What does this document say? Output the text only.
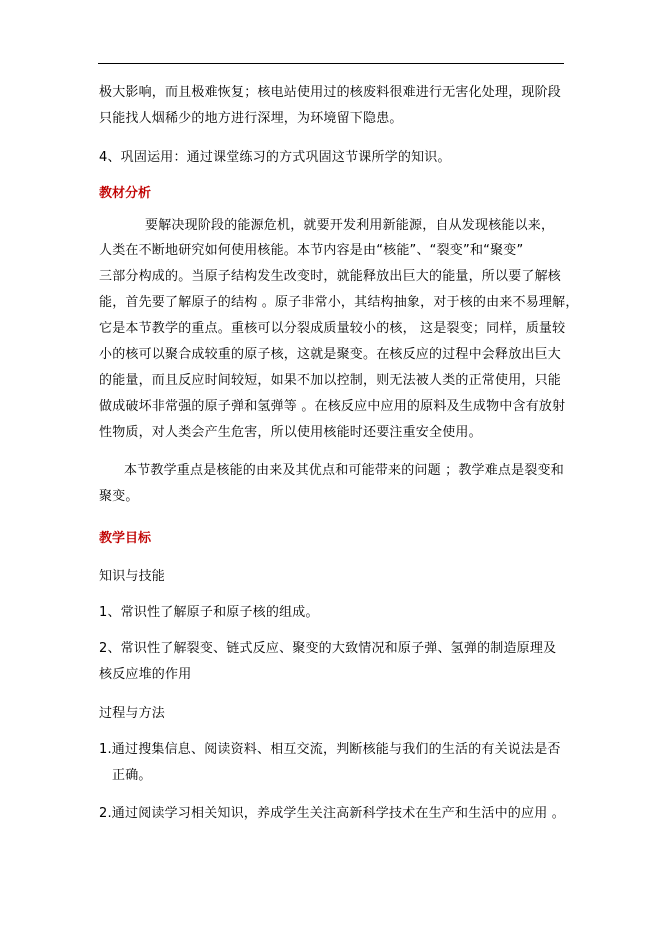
极大影响，而且极难恢复；核电站使用过的核废料很难进行无害化处理，现阶段
只能找人烟稀少的地方进行深埋，为环境留下隐患。
4、巩固运用：通过课堂练习的方式巩固这节课所学的知识。
教材分析
要解决现阶段的能源危机，就要开发利用新能源，自从发现核能以来，
人类在不断地研究如何使用核能。本节内容是由“核能”、“裂变”和“聚变”
三部分构成的。当原子结构发生改变时，就能释放出巨大的能量，所以要了解核
能，首先要了解原子的结构 。原子非常小，其结构抽象，对于核的由来不易理解，
它是本节教学的重点。重核可以分裂成质量较小的核， 这是裂变；同样，质量较
小的核可以聚合成较重的原子核，这就是聚变。在核反应的过程中会释放出巨大
的能量，而且反应时间较短，如果不加以控制，则无法被人类的正常使用，只能
做成破坏非常强的原子弹和氢弹等 。在核反应中应用的原料及生成物中含有放射
性物质，对人类会产生危害，所以使用核能时还要注重安全使用。
本节教学重点是核能的由来及其优点和可能带来的问题 ；教学难点是裂变和
聚变。
教学目标
知识与技能
1、常识性了解原子和原子核的组成。
2、常识性了解裂变、链式反应、聚变的大致情况和原子弹、氢弹的制造原理及
核反应堆的作用
过程与方法
1.通过搜集信息、阅读资料、相互交流，判断核能与我们的生活的有关说法是否
正确。
2.通过阅读学习相关知识，养成学生关注高新科学技术在生产和生活中的应用 。
